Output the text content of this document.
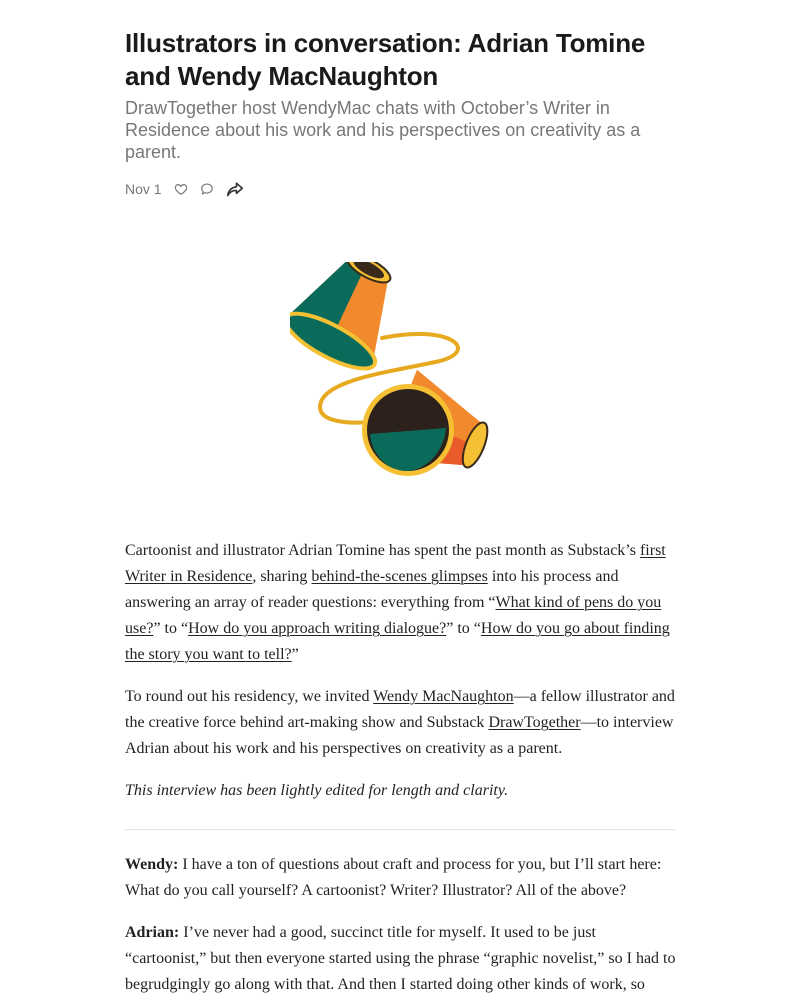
Illustrators in conversation: Adrian Tomine and Wendy MacNaughton

DrawTogether host WendyMac chats with October’s Writer in Residence about his work and his perspectives on creativity as a parent.

Nov 1

Cartoonist and illustrator Adrian Tomine has spent the past month as Substack’s first Writer in Residence, sharing behind-the-scenes glimpses into his process and answering an array of reader questions: everything from “What kind of pens do you use?” to “How do you approach writing dialogue?” to “How do you go about finding the story you want to tell?”

To round out his residency, we invited Wendy MacNaughton—a fellow illustrator and the creative force behind art-making show and Substack DrawTogether—to interview Adrian about his work and his perspectives on creativity as a parent.

This interview has been lightly edited for length and clarity.

Wendy: I have a ton of questions about craft and process for you, but I’ll start here: What do you call yourself? A cartoonist? Writer? Illustrator? All of the above?

Adrian: I’ve never had a good, succinct title for myself. It used to be just “cartoonist,” but then everyone started using the phrase “graphic novelist,” so I had to begrudgingly go along with that. And then I started doing other kinds of work, so
